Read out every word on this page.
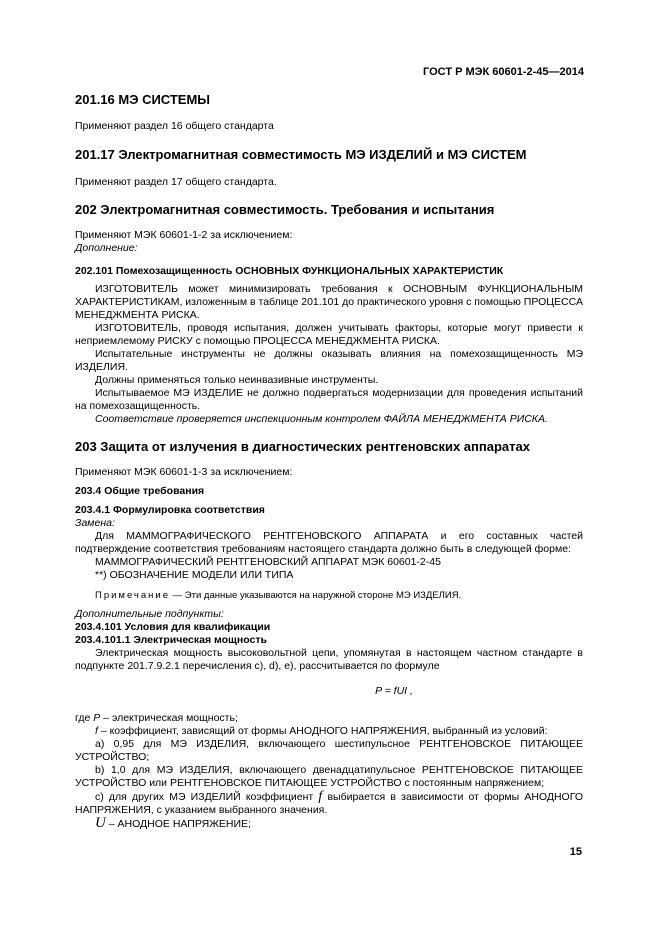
ГОСТ Р МЭК 60601-2-45—2014

201.16 МЭ СИСТЕМЫ

Применяют раздел 16 общего стандарта

201.17 Электромагнитная совместимость МЭ ИЗДЕЛИЙ и МЭ СИСТЕМ

Применяют раздел 17 общего стандарта.

202 Электромагнитная совместимость. Требования и испытания

Применяют МЭК 60601-1-2 за исключением:

Дополнение:

202.101 Помехозащищенность ОСНОВНЫХ ФУНКЦИОНАЛЬНЫХ ХАРАКТЕРИСТИК

ИЗГОТОВИТЕЛЬ может минимизировать требования к ОСНОВНЫМ ФУНКЦИОНАЛЬНЫМ ХАРАКТЕРИСТИКАМ, изложенным в таблице 201.101 до практического уровня с помощью ПРОЦЕССА МЕНЕДЖМЕНТА РИСКА.

ИЗГОТОВИТЕЛЬ, проводя испытания, должен учитывать факторы, которые могут привести к неприемлемому РИСКУ с помощью ПРОЦЕССА МЕНЕДЖМЕНТА РИСКА.

Испытательные инструменты не должны оказывать влияния на помехозащищенность МЭ ИЗДЕЛИЯ.

Должны применяться только неинвазивные инструменты.

Испытываемое МЭ ИЗДЕЛИЕ не должно подвергаться модернизации для проведения испытаний на помехозащищенность.

Соответствие проверяется инспекционным контролем ФАЙЛА МЕНЕДЖМЕНТА РИСКА.

203 Защита от излучения в диагностических рентгеновских аппаратах

Применяют МЭК 60601-1-3 за исключением:

203.4 Общие требования

203.4.1 Формулировка соответствия

Замена:

Для МАММОГРАФИЧЕСКОГО РЕНТГЕНОВСКОГО АППАРАТА и его составных частей подтверждение соответствия требованиям настоящего стандарта должно быть в следующей форме:

МАММОГРАФИЧЕСКИЙ РЕНТГЕНОВСКИЙ АППАРАТ МЭК 60601-2-45

**) ОБОЗНАЧЕНИЕ МОДЕЛИ ИЛИ ТИПА

Примечание — Эти данные указываются на наружной стороне МЭ ИЗДЕЛИЯ.

Дополнительные подпункты:

203.4.101 Условия для квалификации

203.4.101.1 Электрическая мощность

Электрическая мощность высоковольтной цепи, упомянутая в настоящем частном стандарте в подпункте 201.7.9.2.1 перечисления с), d), е), рассчитывается по формуле

P = fUI ,

где P – электрическая мощность;

f – коэффициент, зависящий от формы АНОДНОГО НАПРЯЖЕНИЯ, выбранный из условий:

a) 0,95 для МЭ ИЗДЕЛИЯ, включающего шестипульсное РЕНТГЕНОВСКОЕ ПИТАЮЩЕЕ УСТРОЙСТВО;

b) 1,0 для МЭ ИЗДЕЛИЯ, включающего двенадцатипульсное РЕНТГЕНОВСКОЕ ПИТАЮЩЕЕ УСТРОЙСТВО или РЕНТГЕНОВСКОЕ ПИТАЮЩЕЕ УСТРОЙСТВО с постоянным напряжением;

с) для других МЭ ИЗДЕЛИЙ коэффициент f выбирается в зависимости от формы АНОДНОГО НАПРЯЖЕНИЯ, с указанием выбранного значения.

U – АНОДНОЕ НАПРЯЖЕНИЕ;

15
